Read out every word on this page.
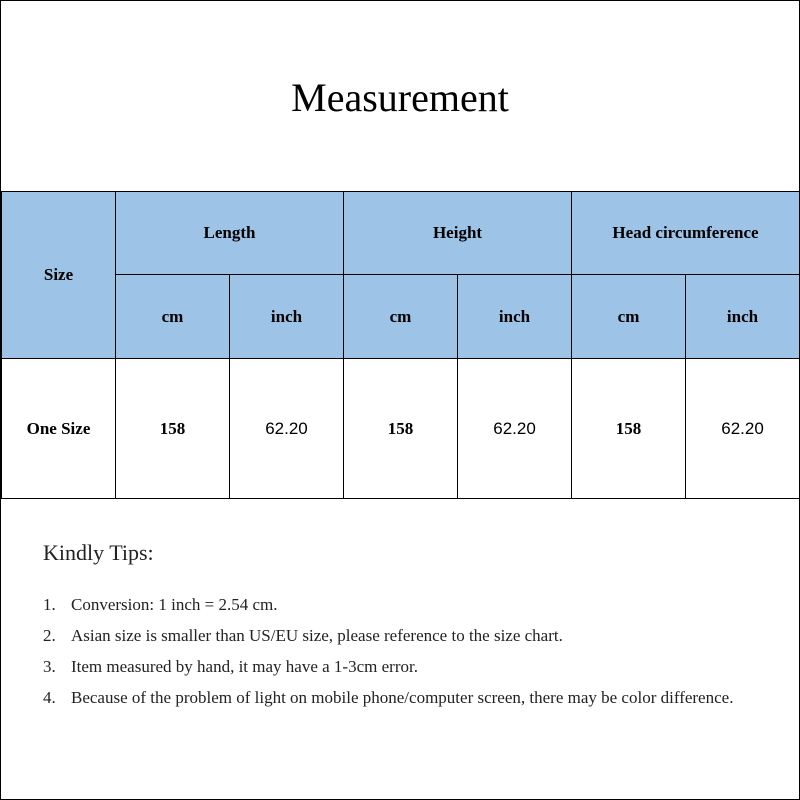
Measurement
Size	Length		Height		Head circumference	
	cm	inch	cm	inch	cm	inch
One Size	158	62.20	158	62.20	158	62.20
Kindly Tips:
1. Conversion: 1 inch = 2.54 cm.
2. Asian size is smaller than US/EU size, please reference to the size chart.
3. Item measured by hand, it may have a 1-3cm error.
4. Because of the problem of light on mobile phone/computer screen, there may be color difference.
